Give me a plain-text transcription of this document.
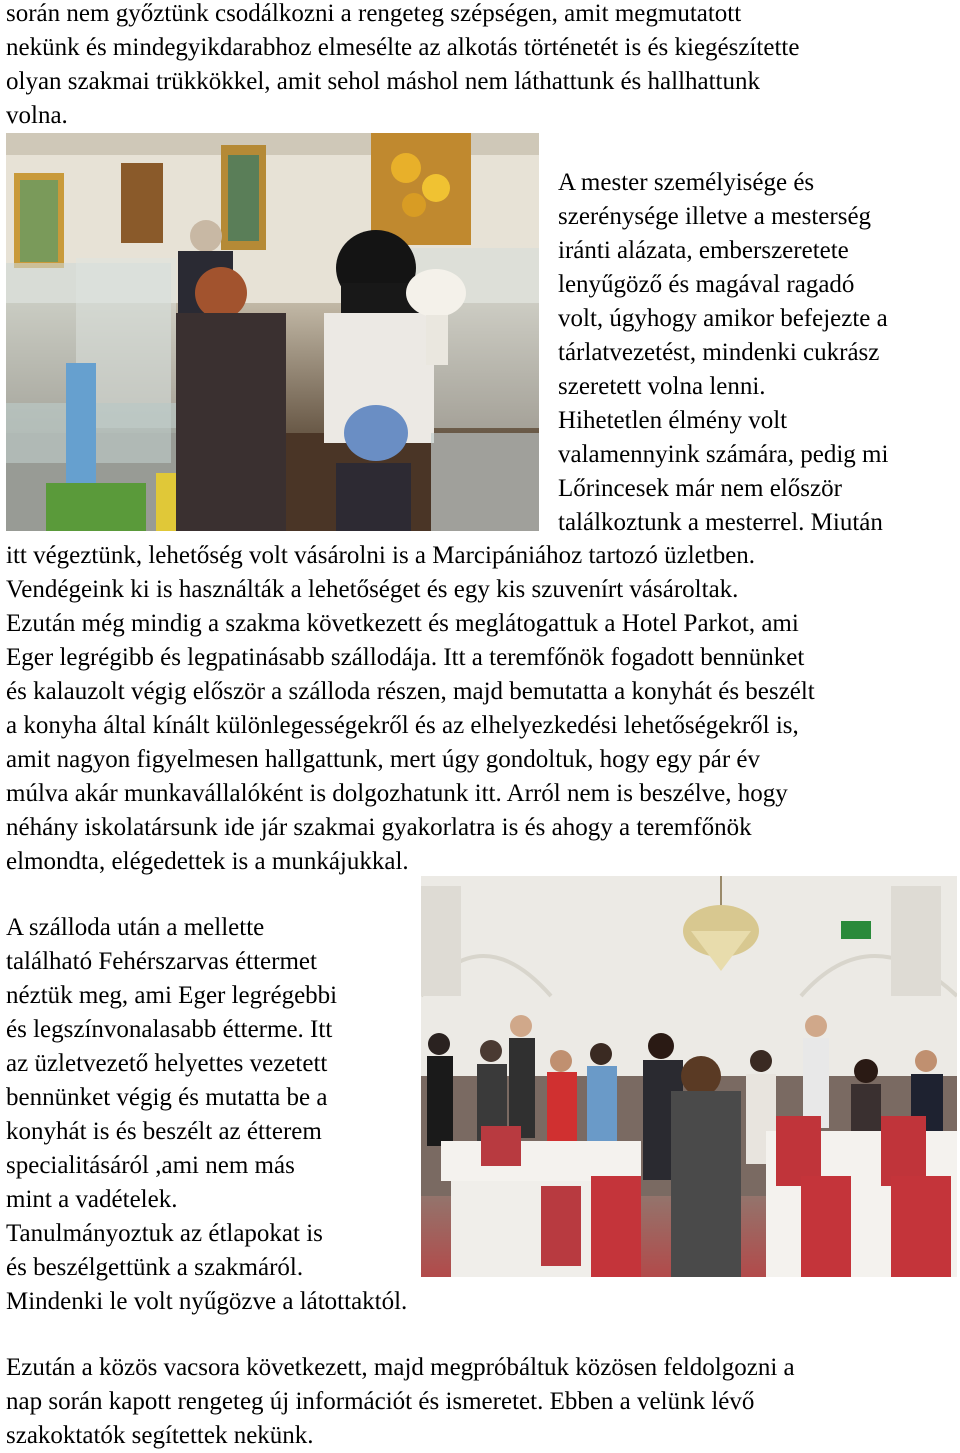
során nem győztünk csodálkozni a rengeteg szépségen, amit megmutatott
nekünk és mindegyikdarabhoz elmesélte az alkotás történetét is és kiegészítette
olyan szakmai trükkökkel, amit sehol máshol nem láthattunk és hallhattunk
volna.
A mester személyisége és
szerénysége illetve a mesterség
iránti alázata, emberszeretete
lenyűgöző és magával ragadó
volt, úgyhogy amikor befejezte a
tárlatvezetést, mindenki cukrász
szeretett volna lenni.
Hihetetlen élmény volt
valamennyink számára, pedig mi
Lőrincesek már nem először
találkoztunk a mesterrel. Miután
itt végeztünk, lehetőség volt vásárolni is a Marcipániához tartozó üzletben.
Vendégeink ki is használták a lehetőséget és egy kis szuvenírt vásároltak.
Ezután még mindig a szakma következett és meglátogattuk a Hotel Parkot, ami
Eger legrégibb és legpatinásabb szállodája. Itt a teremfőnök fogadott bennünket
és kalauzolt végig először a szálloda részen, majd bemutatta a konyhát és beszélt
a konyha által kínált különlegességekről és az elhelyezkedési lehetőségekről is,
amit nagyon figyelmesen hallgattunk, mert úgy gondoltuk, hogy egy pár év
múlva akár munkavállalóként is dolgozhatunk itt. Arról nem is beszélve, hogy
néhány iskolatársunk ide jár szakmai gyakorlatra is és ahogy a teremfőnök
elmondta, elégedettek is a munkájukkal.
A szálloda után a mellette
található Fehérszarvas éttermet
néztük meg, ami Eger legrégebbi
és legszínvonalasabb étterme. Itt
az üzletvezető helyettes vezetett
bennünket végig és mutatta be a
konyhát is és beszélt az étterem
specialitásáról ,ami nem más
mint a vadételek.
Tanulmányoztuk az étlapokat is
és beszélgettünk a szakmáról.
Mindenki le volt nyűgözve a látottaktól.
Ezután a közös vacsora következett, majd megpróbáltuk közösen feldolgozni a
nap során kapott rengeteg új információt és ismeretet. Ebben a velünk lévő
szakoktatók segítettek nekünk.
